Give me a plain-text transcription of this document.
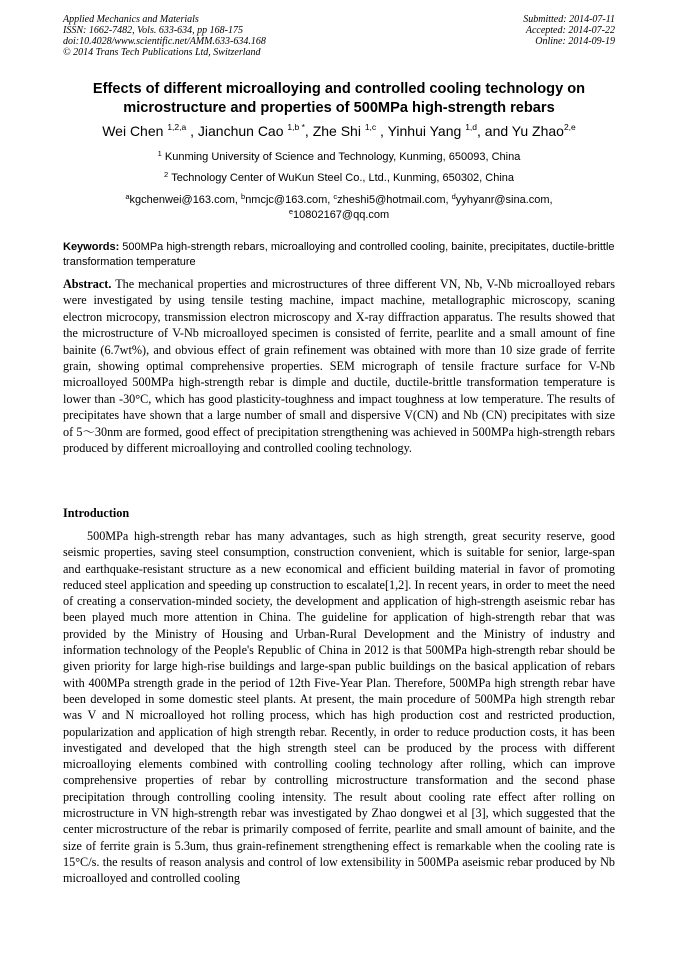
Applied Mechanics and Materials
ISSN: 1662-7482, Vols. 633-634, pp 168-175
doi:10.4028/www.scientific.net/AMM.633-634.168
© 2014 Trans Tech Publications Ltd, Switzerland
Submitted: 2014-07-11
Accepted: 2014-07-22
Online: 2014-09-19
Effects of different microalloying and controlled cooling technology on microstructure and properties of 500MPa high-strength rebars
Wei Chen $^{1,2,a}$ , Jianchun Cao $^{1,b *}$, Zhe Shi $^{1,c}$ , Yinhui Yang $^{1,d}$, and Yu Zhao$^{2,e}$
$^1$ Kunming University of Science and Technology, Kunming, 650093, China
$^2$ Technology Center of WuKun Steel Co., Ltd., Kunming, 650302, China
$^a$kgchenwei@163.com, $^b$nmcjc@163.com, $^c$zheshi5@hotmail.com, $^d$yyhyanr@sina.com,
$^e$10802167@qq.com
Keywords: 500MPa high-strength rebars, microalloying and controlled cooling, bainite, precipitates, ductile-brittle transformation temperature
Abstract. The mechanical properties and microstructures of three different VN, Nb, V-Nb microalloyed rebars were investigated by using tensile testing machine, impact machine, metallographic microscopy, scaning electron microcopy, transmission electron microscopy and X-ray diffraction apparatus. The results showed that the microstructure of V-Nb microalloyed specimen is consisted of ferrite, pearlite and a small amount of fine bainite (6.7wt%), and obvious effect of grain refinement was obtained with more than 10 size grade of ferrite grain, showing optimal comprehensive properties. SEM micrograph of tensile fracture surface for V-Nb microalloyed 500MPa high-strength rebar is dimple and ductile, ductile-brittle transformation temperature is lower than -30°C, which has good plasticity-toughness and impact toughness at low temperature. The results of precipitates have shown that a large number of small and dispersive V(CN) and Nb (CN) precipitates with size of 5～30nm are formed, good effect of precipitation strengthening was achieved in 500MPa high-strength rebars produced by different microalloying and controlled cooling technology.
Introduction

500MPa high-strength rebar has many advantages, such as high strength, great security reserve, good seismic properties, saving steel consumption, construction convenient, which is suitable for senior, large-span and earthquake-resistant structure as a new economical and efficient building material in favor of promoting reduced steel application and speeding up construction to escalate[1,2]. In recent years, in order to meet the need of creating a conservation-minded society, the development and application of high-strength aseismic rebar has been played much more attention in China. The guideline for application of high-strength rebar that was provided by the Ministry of Housing and Urban-Rural Development and the Ministry of industry and information technology of the People's Republic of China in 2012 is that 500MPa high-strength rebar should be given priority for large high-rise buildings and large-span public buildings on the basical application of rebars with 400MPa strength grade in the period of 12th Five-Year Plan. Therefore, 500MPa high strength rebar have been developed in some domestic steel plants. At present, the main procedure of 500MPa high strength rebar was V and N microalloyed hot rolling process, which has high production cost and restricted production, popularization and application of high strength rebar. Recently, in order to reduce production costs, it has been investigated and developed that the high strength steel can be produced by the process with different microalloying elements combined with controlling cooling technology after rolling, which can improve comprehensive properties of rebar by controlling microstructure transformation and the second phase precipitation through controlling cooling intensity. The result about cooling rate effect after rolling on microstructure in VN high-strength rebar was investigated by Zhao dongwei et al [3], which suggested that the center microstructure of the rebar is primarily composed of ferrite, pearlite and small amount of bainite, and the size of ferrite grain is 5.3um, thus grain-refinement strengthening effect is remarkable when the cooling rate is 15°C/s. the results of reason analysis and control of low extensibility in 500MPa aseismic rebar produced by Nb microalloyed and controlled cooling
